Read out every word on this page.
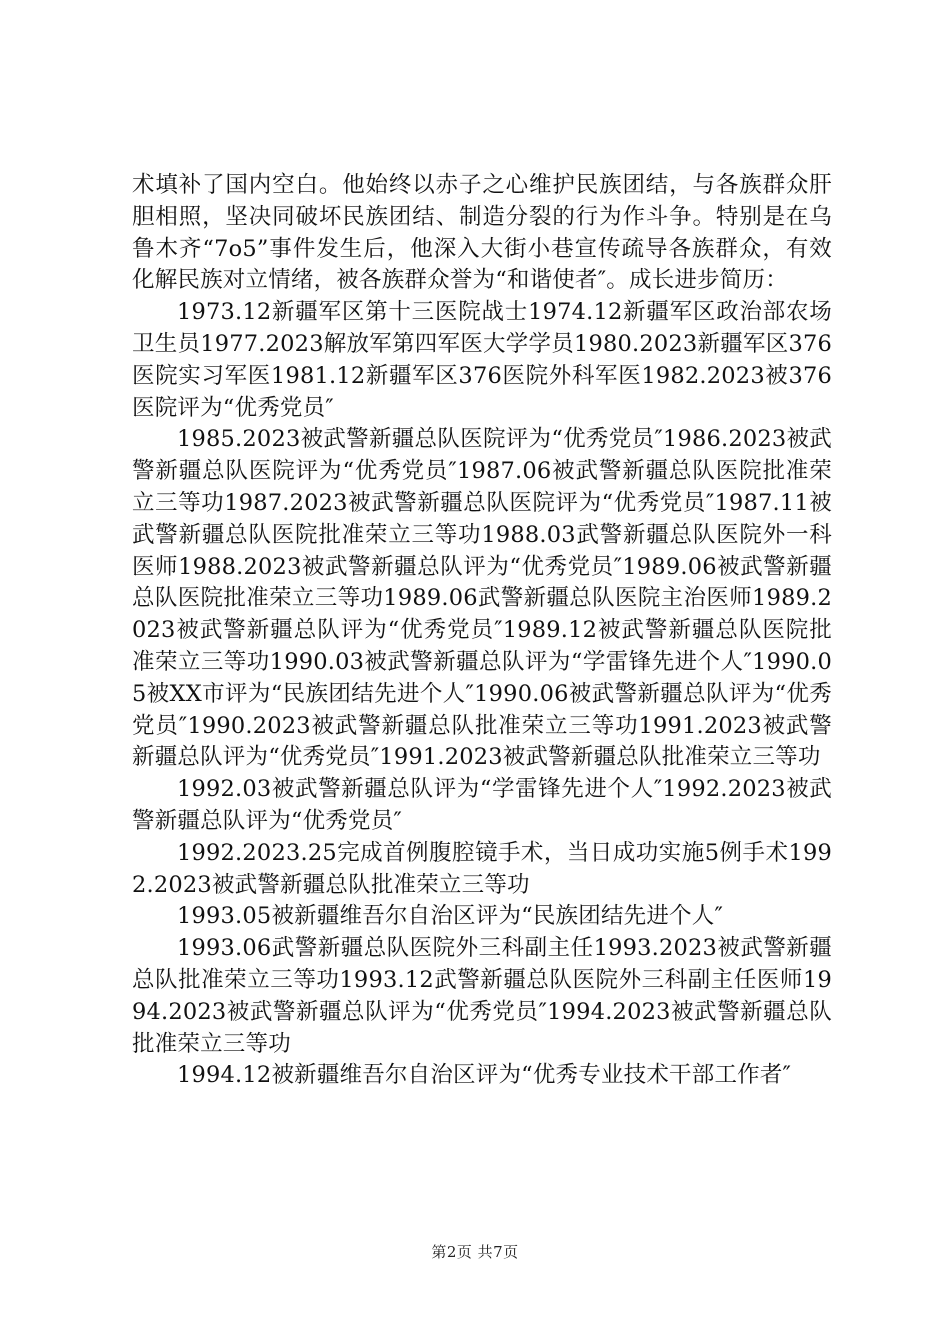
术填补了国内空白。他始终以赤子之心维护民族团结，与各族群众肝胆相照，坚决同破坏民族团结、制造分裂的行为作斗争。特别是在乌鲁木齐“7o5”事件发生后，他深入大街小巷宣传疏导各族群众，有效化解民族对立情绪，被各族群众誉为“和谐使者″。成长进步简历：

1973.12新疆军区第十三医院战士1974.12新疆军区政治部农场卫生员1977.2023解放军第四军医大学学员1980.2023新疆军区376医院实习军医1981.12新疆军区376医院外科军医1982.2023被376医院评为“优秀党员″

1985.2023被武警新疆总队医院评为“优秀党员″1986.2023被武警新疆总队医院评为“优秀党员″1987.06被武警新疆总队医院批准荣立三等功1987.2023被武警新疆总队医院评为“优秀党员″1987.11被武警新疆总队医院批准荣立三等功1988.03武警新疆总队医院外一科医师1988.2023被武警新疆总队评为“优秀党员″1989.06被武警新疆总队医院批准荣立三等功1989.06武警新疆总队医院主治医师1989.2023被武警新疆总队评为“优秀党员″1989.12被武警新疆总队医院批准荣立三等功1990.03被武警新疆总队评为“学雷锋先进个人″1990.05被XX市评为“民族团结先进个人″1990.06被武警新疆总队评为“优秀党员″1990.2023被武警新疆总队批准荣立三等功1991.2023被武警新疆总队评为“优秀党员″1991.2023被武警新疆总队批准荣立三等功

1992.03被武警新疆总队评为“学雷锋先进个人″1992.2023被武警新疆总队评为“优秀党员″

1992.2023.25完成首例腹腔镜手术，当日成功实施5例手术1992.2023被武警新疆总队批准荣立三等功

1993.05被新疆维吾尔自治区评为“民族团结先进个人″

1993.06武警新疆总队医院外三科副主任1993.2023被武警新疆总队批准荣立三等功1993.12武警新疆总队医院外三科副主任医师1994.2023被武警新疆总队评为“优秀党员″1994.2023被武警新疆总队批准荣立三等功

1994.12被新疆维吾尔自治区评为“优秀专业技术干部工作者″

第2页 共7页
